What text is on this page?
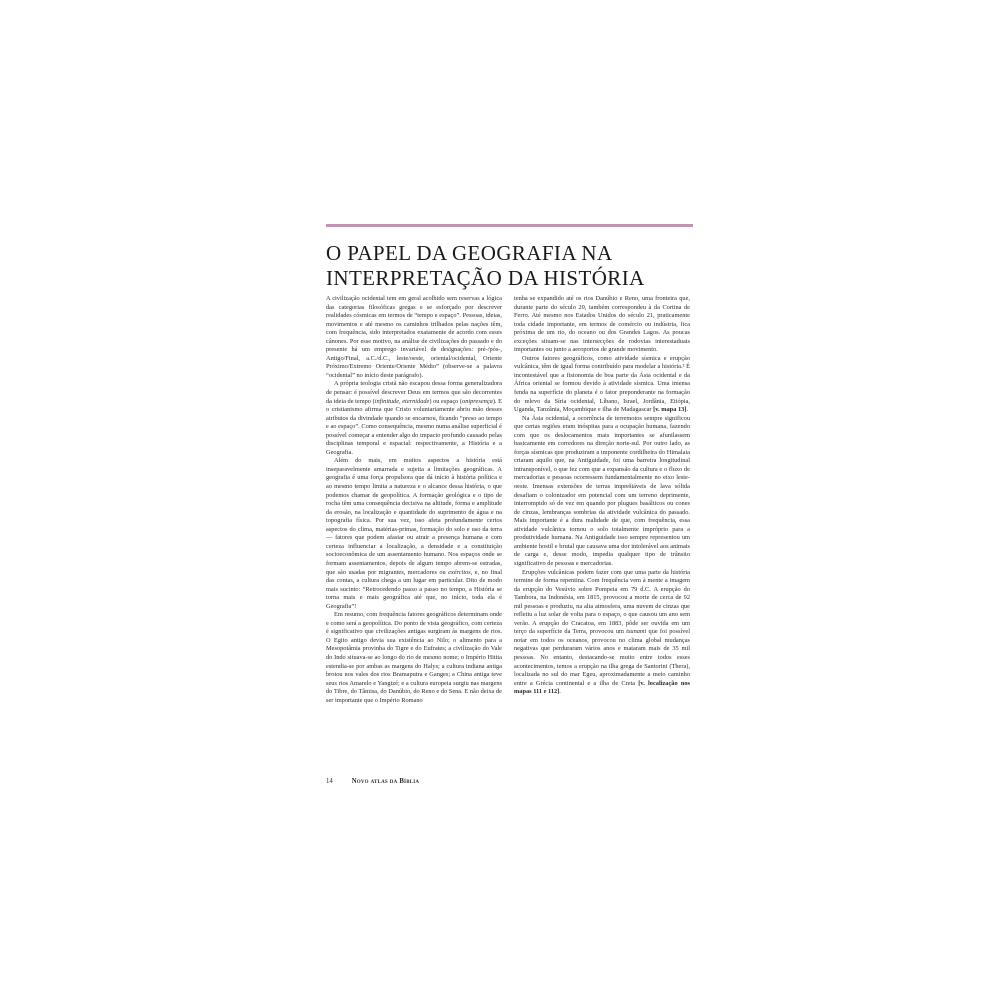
O PAPEL DA GEOGRAFIA NA
INTERPRETAÇÃO DA HISTÓRIA

A civilização ocidental tem em geral acolhido sem reservas a lógica das categorias filosóficas gregas e se esforçado por descrever realidades cósmicas em termos de “tempo e espaço”. Pessoas, ideias, movimentos e até mesmo os caminhos trilhados pelas nações têm, com frequência, sido interpretados exatamente de acordo com esses cânones. Por esse motivo, na análise de civilizações do passado e do presente há um emprego invariável de designações: pré-/pós-, Antigo/Final, a.C./d.C., leste/oeste, oriental/ocidental, Oriente Próximo/Extremo Oriente/Oriente Médio” (observe-se a palavra “ocidental” no início deste parágrafo).

A própria teologia cristã não escapou dessa forma generalizadora de pensar: é possível descrever Deus em termos que são decorrentes da ideia de tempo (infinitude, eternidade) ou espaço (onipresença). E o cristianismo afirma que Cristo voluntariamente abriu mão desses atributos da divindade quando se encarnou, ficando “preso ao tempo e ao espaço”. Como consequência, mesmo numa análise superficial é possível começar a entender algo do impacto profundo causado pelas disciplinas temporal e espacial: respectivamente, a História e a Geografia.

Além do mais, em muitos aspectos a história está inseparavelmente amarrada e sujeita a limitações geográficas. A geografia é uma força propulsora que dá início à história política e ao mesmo tempo limita a natureza e o alcance dessa história, o que podemos chamar de geopolítica. A formação geológica e o tipo de rocha têm uma consequência decisiva na altitude, forma e amplitude da erosão, na localização e quantidade do suprimento de água e na topografia física. Por sua vez, isso afeta profundamente certos aspectos do clima, matérias-primas, formação do solo e uso da terra — fatores que podem afastar ou atrair a presença humana e com certeza influenciar a localização, a densidade e a constituição socioeconômica de um assentamento humano. Nos espaços onde se formam assentamentos, depois de algum tempo abrem-se estradas, que são usadas por migrantes, mercadores ou exércitos, e, no final das contas, a cultura chega a um lugar em particular. Dito de modo mais sucinto: “Retrocedendo passo a passo no tempo, a História se torna mais e mais geográfica até que, no início, toda ela é Geografia”!

Em resumo, com frequência fatores geográficos determinam onde e como será a geopolítica. Do ponto de vista geográfico, com certeza é significativo que civilizações antigas surgiram às margens de rios. O Egito antigo devia sua existência ao Nilo; o alimento para a Mesopotâmia provinha do Tigre e do Eufrates; a civilização do Vale do Indo situava-se ao longo do rio de mesmo nome; o Império Hitita estendia-se por ambas as margens do Halys; a cultura indiana antiga brotou nos vales dos rios Bramaputra e Ganges; a China antiga teve seus rios Amarelo e Yangtzé; e a cultura europeia surgiu nas margens do Tibre, do Tâmisa, do Danúbio, do Reno e do Sena. E não deixa de ser importante que o Império Romano

tenha se expandido até os rios Danúbio e Reno, uma fronteira que, durante parte do século 20, também correspondeu à da Cortina de Ferro. Até mesmo nos Estados Unidos do século 21, praticamente toda cidade importante, em termos de comércio ou indústria, fica próxima de um rio, do oceano ou dos Grandes Lagos. As poucas exceções situam-se nas intersecções de rodovias interestaduais importantes ou junto a aeroportos de grande movimento.

Outros fatores geográficos, como atividade sísmica e erupção vulcânica, têm de igual forma contribuído para modelar a história.² É incontestável que a fisionomia de boa parte da Ásia ocidental e da África oriental se formou devido à atividade sísmica. Uma imensa fenda na superfície do planeta é o fator preponderante na formação do relevo da Síria ocidental, Líbano, Israel, Jordânia, Etiópia, Uganda, Tanzânia, Moçambique e ilha de Madagascar [v. mapa 13].

Na Ásia ocidental, a ocorrência de terremotos sempre significou que certas regiões eram inóspitas para a ocupação humana, fazendo com que os deslocamentos mais importantes se afunilassem basicamente em corredores na direção norte-sul. Por outro lado, as forças sísmicas que produziram a imponente cordilheira do Himalaia criaram aquilo que, na Antiguidade, foi uma barreira longitudinal intransponível, o que fez com que a expansão da cultura e o fluxo de mercadorias e pessoas ocorressem fundamentalmente no eixo leste-oeste. Imensas extensões de terras impreštáveis de lava sólida desafiam o colonizador em potencial com um terreno deprimente, interrompido só de vez em quando por plugues basálticos ou cones de cinzas, lembranças sombrias da atividade vulcânica do passado. Mais importante é a dura realidade de que, com frequência, essa atividade vulcânica tornou o solo totalmente impróprio para a produtividade humana. Na Antiguidade isso sempre representou um ambiente hostil e brutal que causava uma dor intolerável aos animais de carga e, desse modo, impedia qualquer tipo de trânsito significativo de pessoas e mercadorias.

Erupções vulcânicas podem fazer com que uma parte da história termine de forma repentina. Com frequência vem à mente a imagem da erupção do Vesúvio sobre Pompeia em 79 d.C. A erupção do Tambora, na Indonésia, em 1815, provocou a morte de cerca de 92 mil pessoas e produziu, na alta atmosfera, uma nuvem de cinzas que refletiu a luz solar de volta para o espaço, o que causou um ano sem verão. A erupção do Cracatoa, em 1883, pôde ser ouvida em um terço da superfície da Terra, provocou um tsunami que foi possível notar em todos os oceanos, provocou no clima global mudanças negativas que perduraram vários anos e mataram mais de 35 mil pessoas. No entanto, destacando-se muito entre todos esses acontecimentos, temos a erupção na ilha grega de Santorini (Thera), localizada no sul do mar Egeu, aproximadamente a meio caminho entre a Grécia continental e a ilha de Creta [v. localização nos mapas 111 e 112].

14	Novo atlas da Bíblia
